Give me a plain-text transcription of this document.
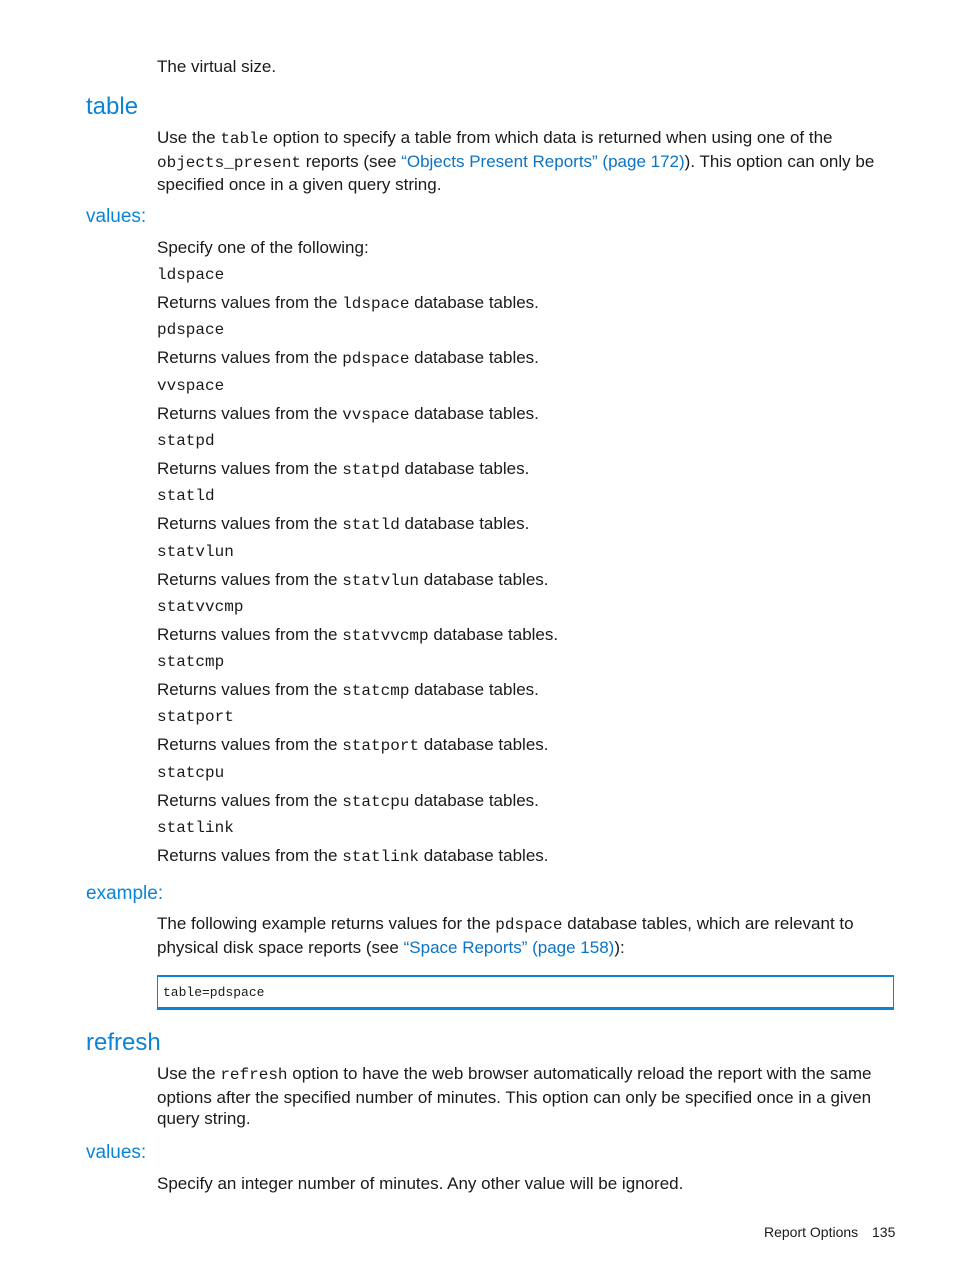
The virtual size.
table
Use the table option to specify a table from which data is returned when using one of the objects_present reports (see “Objects Present Reports” (page 172)). This option can only be specified once in a given query string.
values:
Specify one of the following:
ldspace
Returns values from the ldspace database tables.
pdspace
Returns values from the pdspace database tables.
vvspace
Returns values from the vvspace database tables.
statpd
Returns values from the statpd database tables.
statld
Returns values from the statld database tables.
statvlun
Returns values from the statvlun database tables.
statvvcmp
Returns values from the statvvcmp database tables.
statcmp
Returns values from the statcmp database tables.
statport
Returns values from the statport database tables.
statcpu
Returns values from the statcpu database tables.
statlink
Returns values from the statlink database tables.
example:
The following example returns values for the pdspace database tables, which are relevant to physical disk space reports (see “Space Reports” (page 158)):
table=pdspace
refresh
Use the refresh option to have the web browser automatically reload the report with the same options after the specified number of minutes. This option can only be specified once in a given query string.
values:
Specify an integer number of minutes. Any other value will be ignored.
Report Options 135
